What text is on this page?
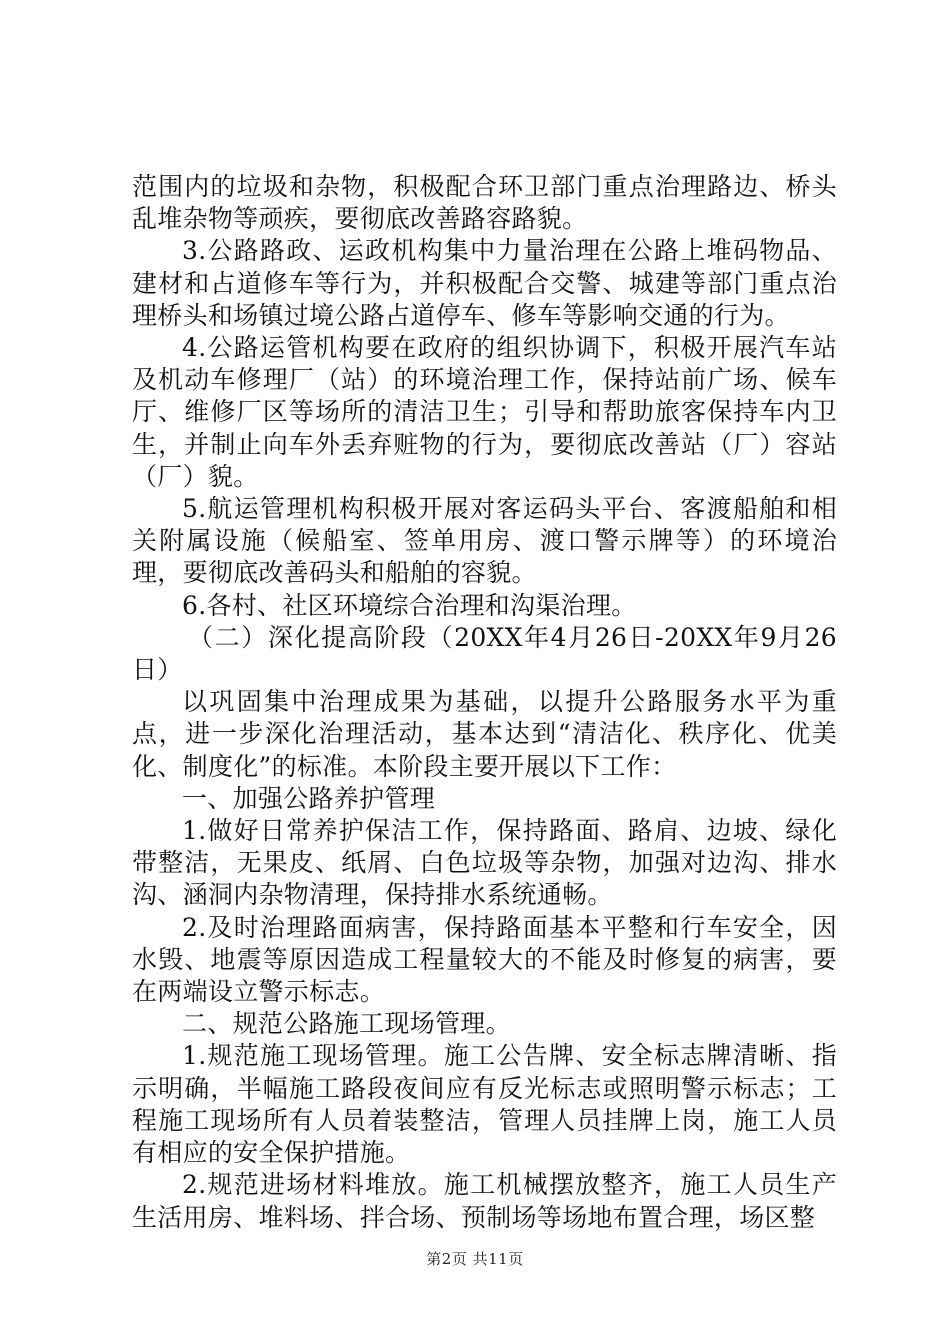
范围内的垃圾和杂物，积极配合环卫部门重点治理路边、桥头乱堆杂物等顽疾，要彻底改善路容路貌。

3.公路路政、运政机构集中力量治理在公路上堆码物品、建材和占道修车等行为，并积极配合交警、城建等部门重点治理桥头和场镇过境公路占道停车、修车等影响交通的行为。

4.公路运管机构要在政府的组织协调下，积极开展汽车站及机动车修理厂（站）的环境治理工作，保持站前广场、候车厅、维修厂区等场所的清洁卫生；引导和帮助旅客保持车内卫生，并制止向车外丢弃赃物的行为，要彻底改善站（厂）容站（厂）貌。

5.航运管理机构积极开展对客运码头平台、客渡船舶和相关附属设施（候船室、签单用房、渡口警示牌等）的环境治理，要彻底改善码头和船舶的容貌。

6.各村、社区环境综合治理和沟渠治理。

（二）深化提高阶段（20XX年4月26日-20XX年9月26日）

以巩固集中治理成果为基础，以提升公路服务水平为重点，进一步深化治理活动，基本达到“清洁化、秩序化、优美化、制度化”的标准。本阶段主要开展以下工作：

一、加强公路养护管理

1.做好日常养护保洁工作，保持路面、路肩、边坡、绿化带整洁，无果皮、纸屑、白色垃圾等杂物，加强对边沟、排水沟、涵洞内杂物清理，保持排水系统通畅。

2.及时治理路面病害，保持路面基本平整和行车安全，因水毁、地震等原因造成工程量较大的不能及时修复的病害，要在两端设立警示标志。

二、规范公路施工现场管理。

1.规范施工现场管理。施工公告牌、安全标志牌清晰、指示明确，半幅施工路段夜间应有反光标志或照明警示标志；工程施工现场所有人员着装整洁，管理人员挂牌上岗，施工人员有相应的安全保护措施。

2.规范进场材料堆放。施工机械摆放整齐，施工人员生产生活用房、堆料场、拌合场、预制场等场地布置合理，场区整

第2页 共11页
